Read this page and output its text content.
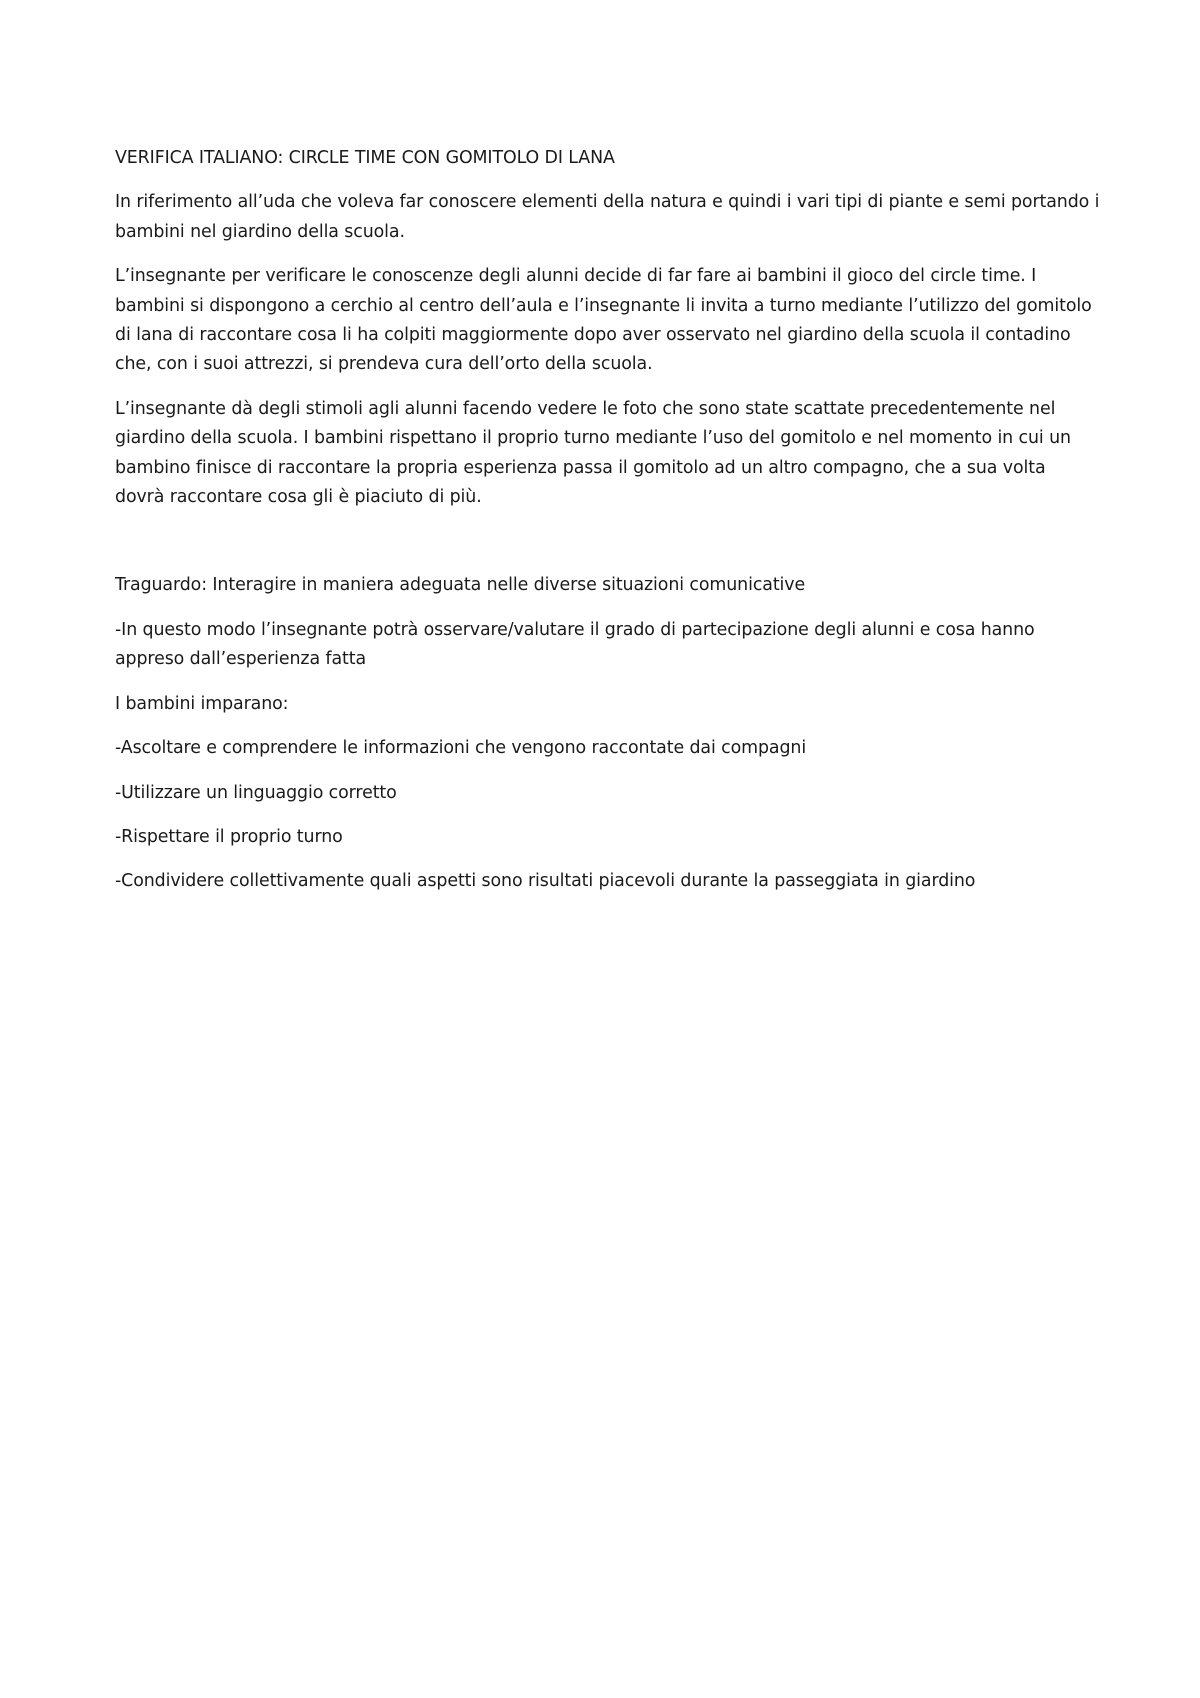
VERIFICA ITALIANO: CIRCLE TIME CON GOMITOLO DI LANA

In riferimento all’uda che voleva far conoscere elementi della natura e quindi i vari tipi di piante e semi portando i bambini nel giardino della scuola.

L’insegnante per verificare le conoscenze degli alunni decide di far fare ai bambini il gioco del circle time. I bambini si dispongono a cerchio al centro dell’aula e l’insegnante li invita a turno mediante l’utilizzo del gomitolo di lana di raccontare cosa li ha colpiti maggiormente dopo aver osservato nel giardino della scuola il contadino che, con i suoi attrezzi, si prendeva cura dell’orto della scuola.

L’insegnante dà degli stimoli agli alunni facendo vedere le foto che sono state scattate precedentemente nel giardino della scuola. I bambini rispettano il proprio turno mediante l’uso del gomitolo e nel momento in cui un bambino finisce di raccontare la propria esperienza passa il gomitolo ad un altro compagno, che a sua volta dovrà raccontare cosa gli è piaciuto di più.

Traguardo: Interagire in maniera adeguata nelle diverse situazioni comunicative

-In questo modo l’insegnante potrà osservare/valutare il grado di partecipazione degli alunni e cosa hanno appreso dall’esperienza fatta

I bambini imparano:

-Ascoltare e comprendere le informazioni che vengono raccontate dai compagni

-Utilizzare un linguaggio corretto

-Rispettare il proprio turno

-Condividere collettivamente quali aspetti sono risultati piacevoli durante la passeggiata in giardino
